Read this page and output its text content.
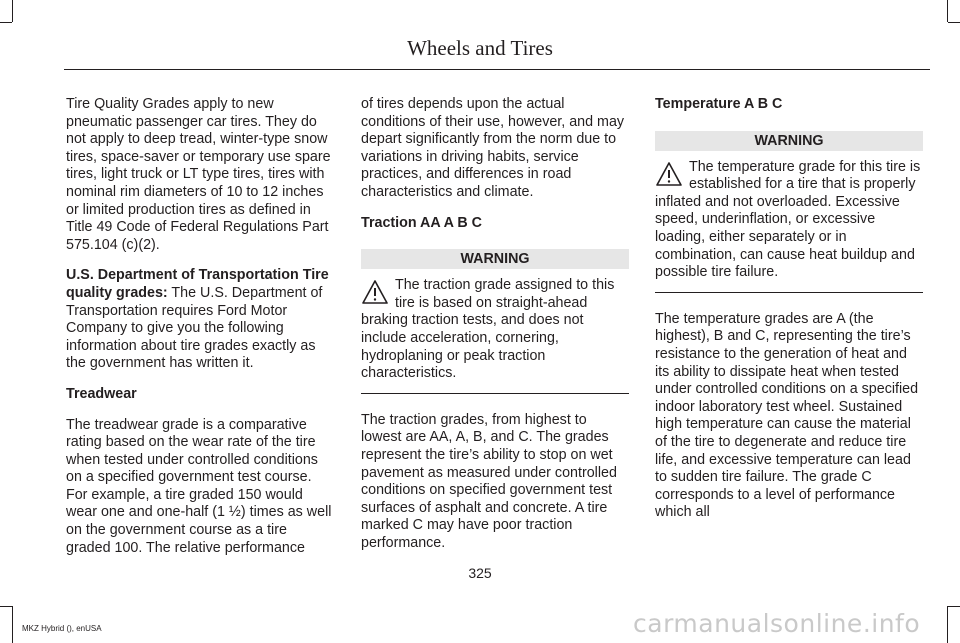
Wheels and Tires

Tire Quality Grades apply to new pneumatic passenger car tires. They do not apply to deep tread, winter-type snow tires, space-saver or temporary use spare tires, light truck or LT type tires, tires with nominal rim diameters of 10 to 12 inches or limited production tires as defined in Title 49 Code of Federal Regulations Part 575.104 (c)(2).

U.S. Department of Transportation Tire quality grades: The U.S. Department of Transportation requires Ford Motor Company to give you the following information about tire grades exactly as the government has written it.

Treadwear

The treadwear grade is a comparative rating based on the wear rate of the tire when tested under controlled conditions on a specified government test course. For example, a tire graded 150 would wear one and one-half (1 ½) times as well on the government course as a tire graded 100. The relative performance

of tires depends upon the actual conditions of their use, however, and may depart significantly from the norm due to variations in driving habits, service practices, and differences in road characteristics and climate.

Traction AA A B C
WARNING
The traction grade assigned to this tire is based on straight-ahead braking traction tests, and does not include acceleration, cornering, hydroplaning or peak traction characteristics.

The traction grades, from highest to lowest are AA, A, B, and C. The grades represent the tire’s ability to stop on wet pavement as measured under controlled conditions on specified government test surfaces of asphalt and concrete. A tire marked C may have poor traction performance.

Temperature A B C
WARNING
The temperature grade for this tire is established for a tire that is properly inflated and not overloaded. Excessive speed, underinflation, or excessive loading, either separately or in combination, can cause heat buildup and possible tire failure.

The temperature grades are A (the highest), B and C, representing the tire’s resistance to the generation of heat and its ability to dissipate heat when tested under controlled conditions on a specified indoor laboratory test wheel. Sustained high temperature can cause the material of the tire to degenerate and reduce tire life, and excessive temperature can lead to sudden tire failure. The grade C corresponds to a level of performance which all

325
MKZ Hybrid (), enUSA	carmanualsonline.info
